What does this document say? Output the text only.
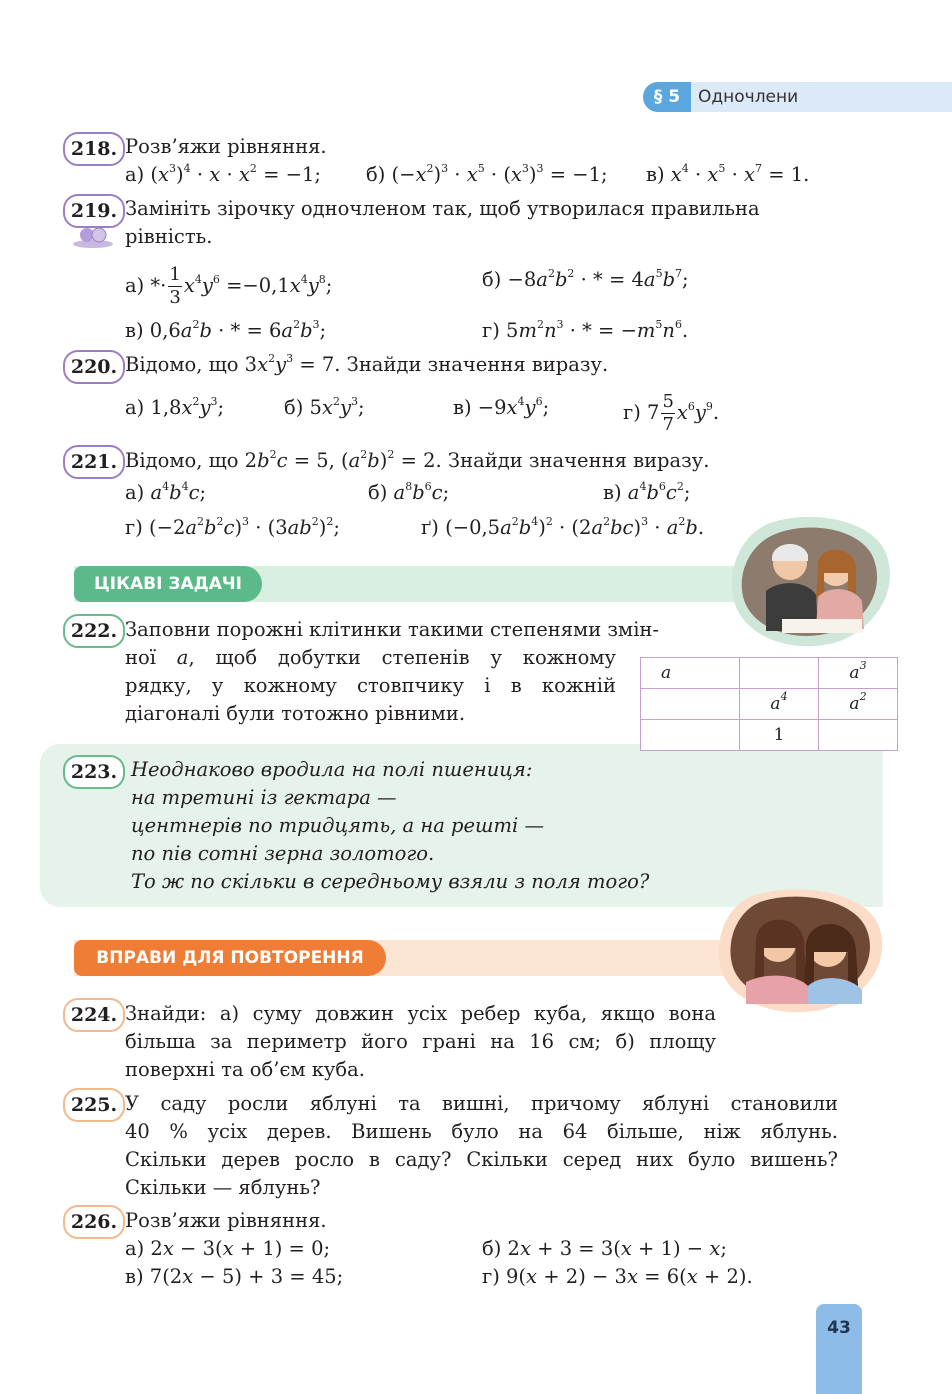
§ 5	Одночлени
218. Розв’яжи рівняння.
а) $(x^3)^4 \cdot x \cdot x^2 = -1$; б) $(-x^2)^3 \cdot x^5 \cdot (x^3)^3 = -1$; в) $x^4 \cdot x^5 \cdot x^7 = 1$.
219. Замініть зірочку одночленом так, щоб утворилася правильна
рівність.
$а) *\cdot \frac{1}{3} x^4y^6 =-0,1x^4y^8$;	$б) -8a^2b^2$ · * = $4a^5b^7$;
в) $0,6a^2b$ · * = $6a^2b^3$;	г) $5m^2n^3$ · * = $-m^5n^6$.
220. Відомо, що $3x^2y^3 = 7$. Знайди значення виразу.
а) $1,8x^2y^3$;	б) $5x^2y^3$;	$в) -9x^4y^6$;	г) $7 \frac{5}{7} x^6y^9$.
221. Відомо, що $2b^2c = 5$, $(a^2b)^2 = 2$. Знайди значення виразу.
а) $a^4b^4c$;	б) $a^8b^6c$;	в) $a^4b^6c^2$;
г) $(-2a^2b^2c)^3 \cdot (3ab^2)^2$;	ґ) $(-0,5a^2b^4)^2 \cdot (2a^2bc)^3 \cdot a^2b$.
ЦІКАВІ ЗАДАЧІ
222. Заповни порожні клітинки такими степенями змін-
ної a, щоб добутки степенів у кожному
рядку, у кожному стовпчику і в кожній
діагоналі були тотожно рівними.
a		$a^3$
	$a^4$	$a^2$
	1	
223. Неоднаково вродила на полі пшениця:
на третині із гектара —
центнерів по тридцять, а на решті —
по пів сотні зерна золотого.
То ж по скільки в середньому взяли з поля того?
ВПРАВИ ДЛЯ ПОВТОРЕННЯ
224. Знайди: а) суму довжин усіх ребер куба, якщо вона
більша за периметр його грані на 16 см; б) площу
поверхні та об’єм куба.
225. У саду росли яблуні та вишні, причому яблуні становили
40 % усіх дерев. Вишень було на 64 більше, ніж яблунь.
Скільки дерев росло в саду? Скільки серед них було вишень?
Скільки — яблунь?
226. Розв’яжи рівняння.
а) 2x − 3(x + 1) = 0;	б) 2x + 3 = 3(x + 1) − x;
в) 7(2x − 5) + 3 = 45;	г) 9(x + 2) − 3x = 6(x + 2).
43
